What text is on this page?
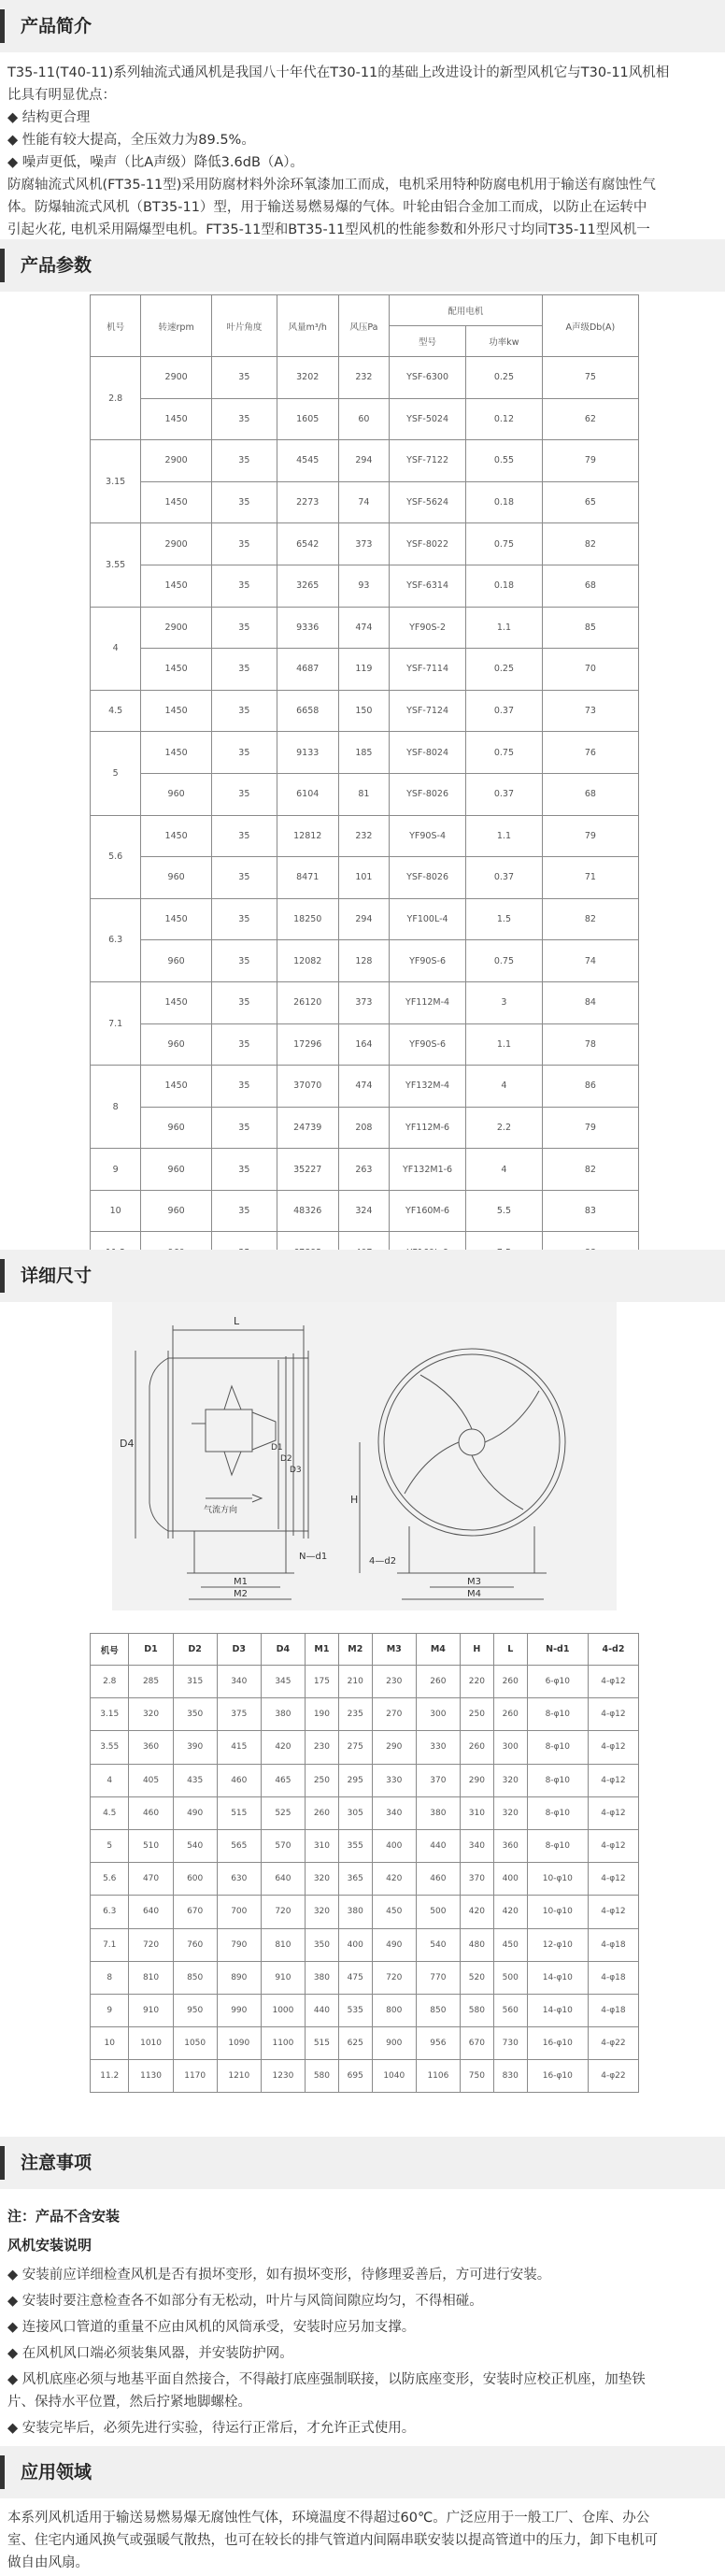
产品简介
T35-11(T40-11)系列轴流式通风机是我国八十年代在T30-11的基础上改进设计的新型风机它与T30-11风机相
比具有明显优点：
◆ 结构更合理
◆ 性能有较大提高，全压效力为89.5%。
◆ 噪声更低，噪声（比A声级）降低3.6dB（A）。
防腐轴流式风机(FT35-11型)采用防腐材料外涂环氧漆加工而成，电机采用特种防腐电机用于输送有腐蚀性气
体。防爆轴流式风机（BT35-11）型，用于输送易燃易爆的气体。叶轮由铝合金加工而成，以防止在运转中
引起火花, 电机采用隔爆型电机。FT35-11型和BT35-11型风机的性能参数和外形尺寸均同T35-11型风机一
产品参数
机号	转速rpm	叶片角度	风量m³/h	风压Pa	配用电机		A声级Db(A)
					型号	功率kw	
2.8	2900	35	3202	232	YSF-6300	0.25	75
	1450	35	1605	60	YSF-5024	0.12	62
3.15	2900	35	4545	294	YSF-7122	0.55	79
	1450	35	2273	74	YSF-5624	0.18	65
3.55	2900	35	6542	373	YSF-8022	0.75	82
	1450	35	3265	93	YSF-6314	0.18	68
4	2900	35	9336	474	YF90S-2	1.1	85
	1450	35	4687	119	YSF-7114	0.25	70
4.5	1450	35	6658	150	YSF-7124	0.37	73
5	1450	35	9133	185	YSF-8024	0.75	76
	960	35	6104	81	YSF-8026	0.37	68
5.6	1450	35	12812	232	YF90S-4	1.1	79
	960	35	8471	101	YSF-8026	0.37	71
6.3	1450	35	18250	294	YF100L-4	1.5	82
	960	35	12082	128	YF90S-6	0.75	74
7.1	1450	35	26120	373	YF112M-4	3	84
	960	35	17296	164	YF90S-6	1.1	78
8	1450	35	37070	474	YF132M-4	4	86
	960	35	24739	208	YF112M-6	2.2	79
9	960	35	35227	263	YF132M1-6	4	82
10	960	35	48326	324	YF160M-6	5.5	83

详细尺寸
L
D4	D1
D2
D3
气流方向
N—d1
M1
M2
H
4—d2
M3
M4
机号	D1	D2	D3	D4	M1	M2	M3	M4	H	L	N-d1	4-d2
2.8	285	315	340	345	175	210	230	260	220	260	6-φ10	4-φ12
3.15	320	350	375	380	190	235	270	300	250	260	8-φ10	4-φ12
3.55	360	390	415	420	230	275	290	330	260	300	8-φ10	4-φ12
4	405	435	460	465	250	295	330	370	290	320	8-φ10	4-φ12
4.5	460	490	515	525	260	305	340	380	310	320	8-φ10	4-φ12
5	510	540	565	570	310	355	400	440	340	360	8-φ10	4-φ12
5.6	470	600	630	640	320	365	420	460	370	400	10-φ10	4-φ12
6.3	640	670	700	720	320	380	450	500	420	420	10-φ10	4-φ12
7.1	720	760	790	810	350	400	490	540	480	450	12-φ10	4-φ18
8	810	850	890	910	380	475	720	770	520	500	14-φ10	4-φ18
9	910	950	990	1000	440	535	800	850	580	560	14-φ10	4-φ18
10	1010	1050	1090	1100	515	625	900	956	670	730	16-φ10	4-φ22
11.2	1130	1170	1210	1230	580	695	1040	1106	750	830	16-φ10	4-φ22
注意事项
注：产品不含安装
风机安装说明
◆ 安装前应详细检查风机是否有损坏变形，如有损坏变形，待修理妥善后，方可进行安装。
◆ 安装时要注意检查各不如部分有无松动，叶片与风筒间隙应均匀，不得相碰。
◆ 连接风口管道的重量不应由风机的风筒承受，安装时应另加支撑。
◆ 在风机风口端必须装集风器，并安装防护网。
◆ 风机底座必须与地基平面自然接合，不得敲打底座强制联接，以防底座变形，安装时应校正机座，加垫铁
片、保持水平位置，然后拧紧地脚螺栓。
◆ 安装完毕后，必须先进行实验，待运行正常后，才允许正式使用。
应用领域
本系列风机适用于输送易燃易爆无腐蚀性气体，环境温度不得超过60℃。广泛应用于一般工厂、仓库、办公
室、住宅内通风换气或强暖气散热，也可在较长的排气管道内间隔串联安装以提高管道中的压力，卸下电机可
做自由风扇。
